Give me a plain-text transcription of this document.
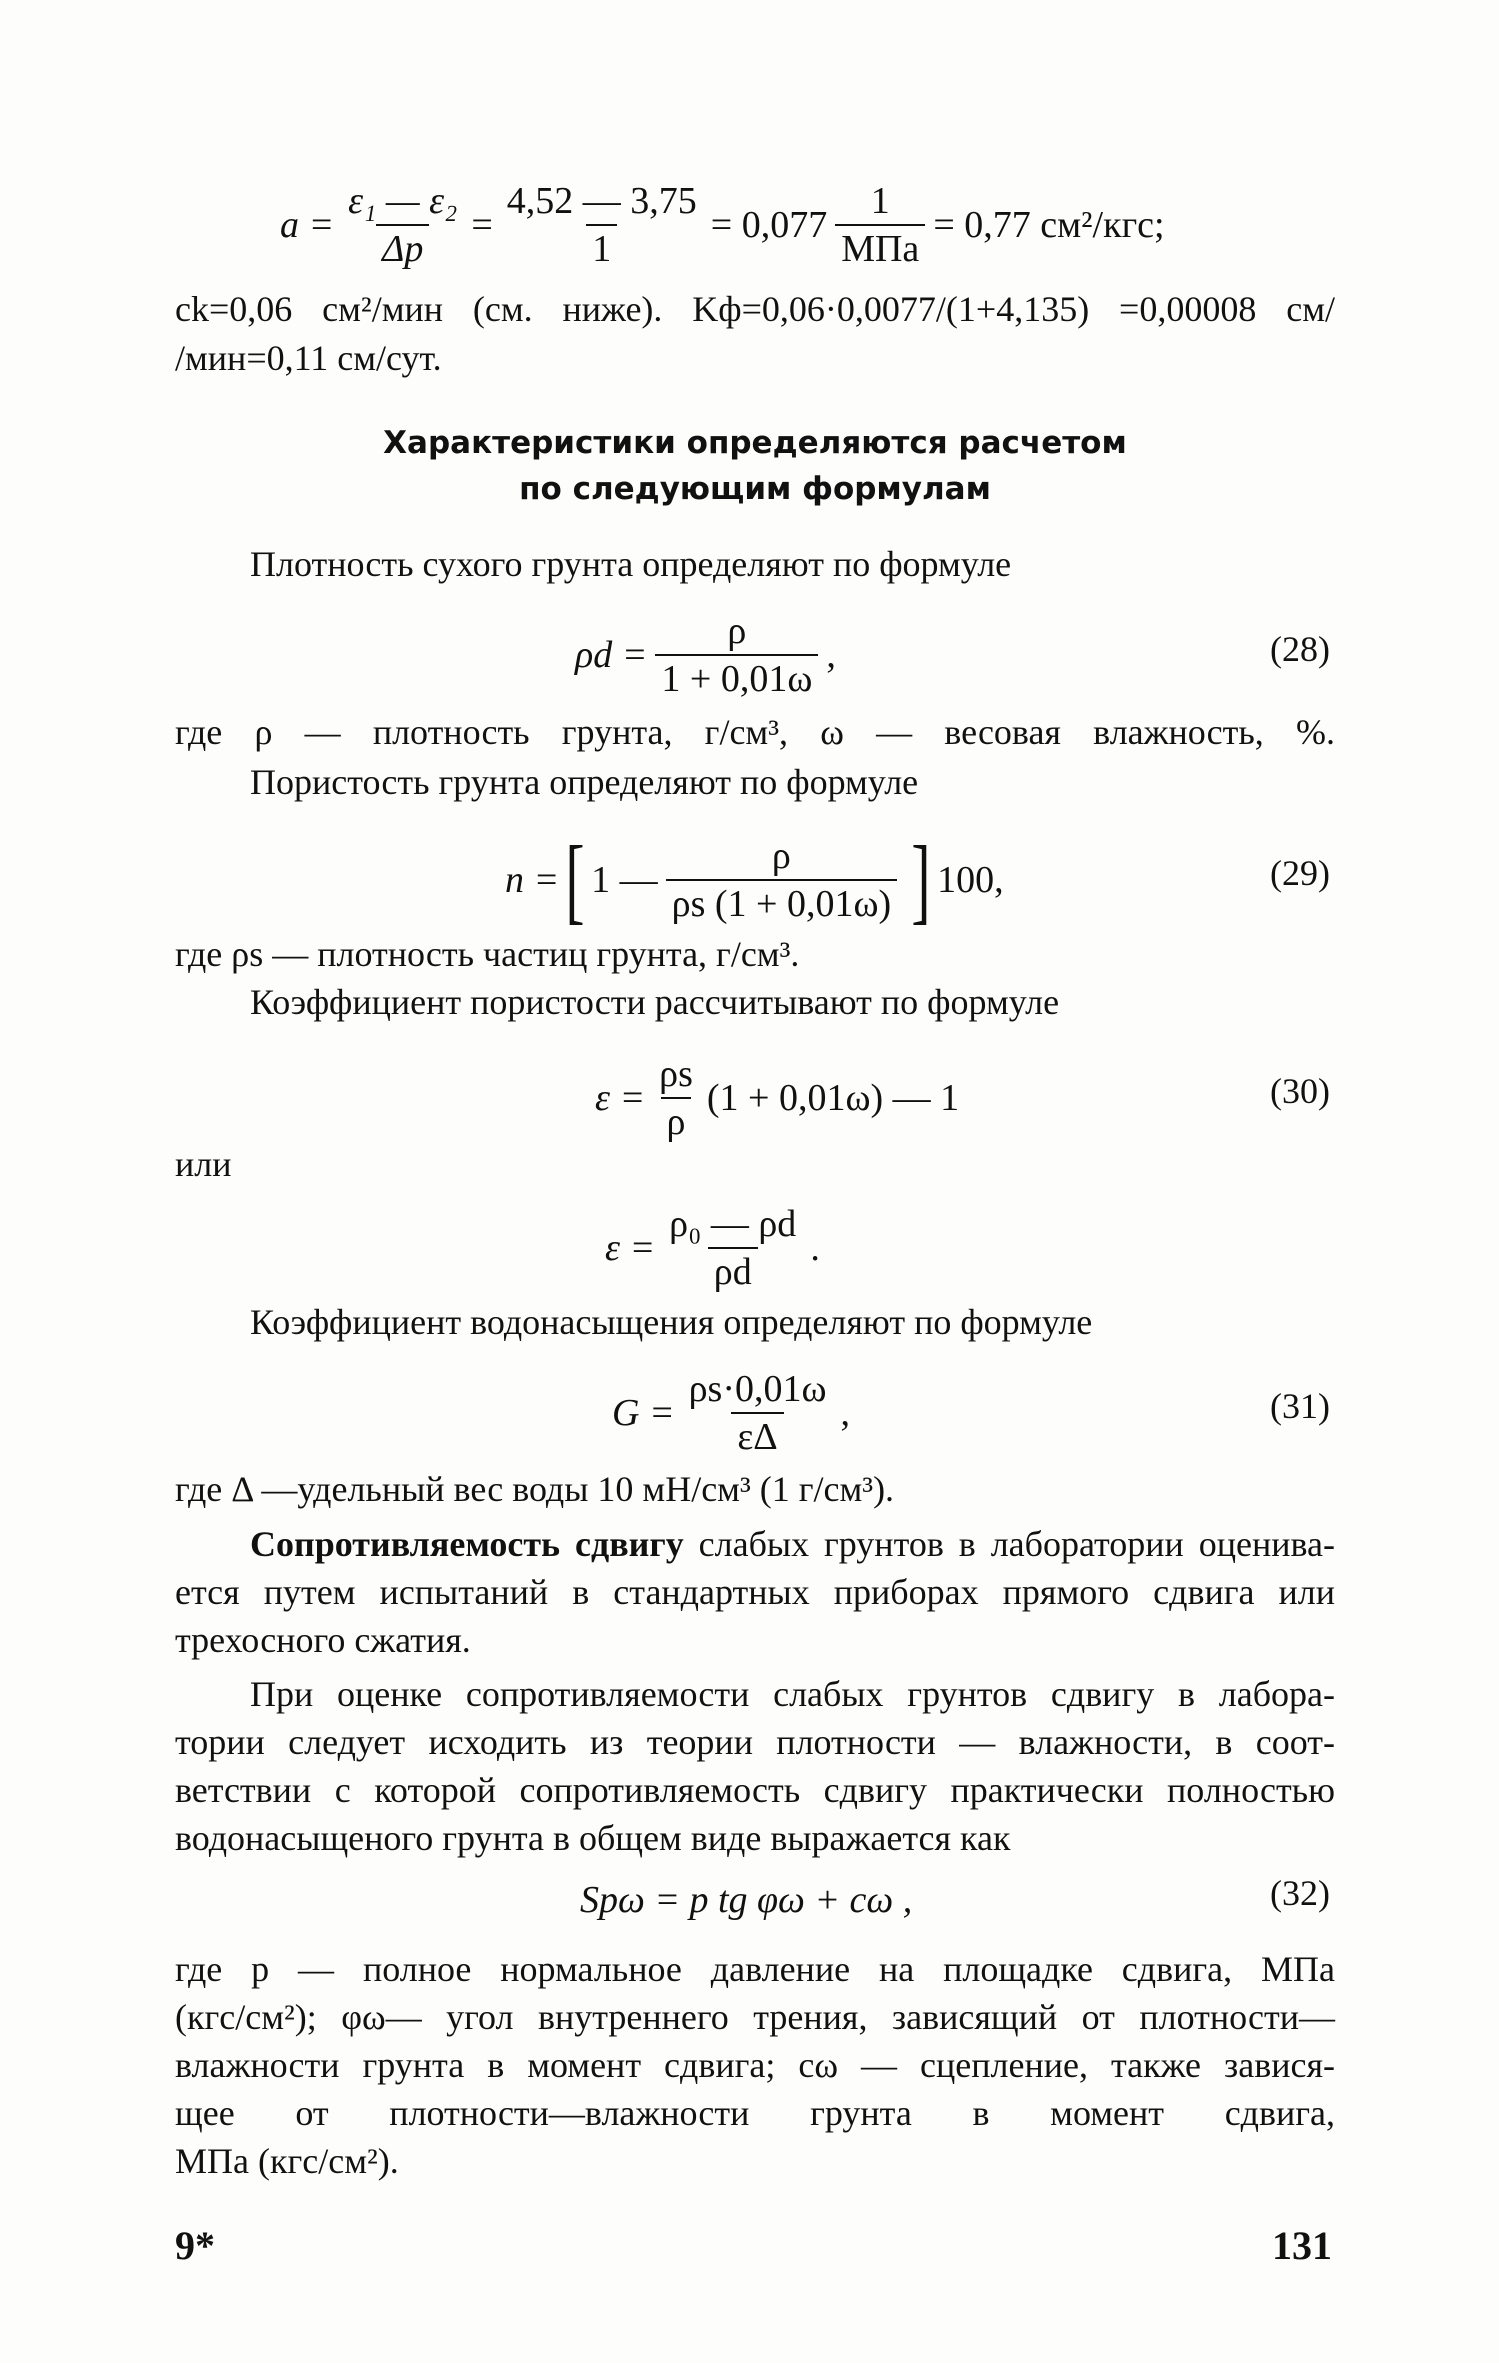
$a = \frac{\text{ε₁ — ε₂}}{\Delta p} = \frac{4,52 — 3,75}{1} = 0,077 \frac{1}{\text{МПа}} = 0,77$ см²/кгс;
ck=0,06 см²/мин (см. ниже). Kф=0,06·0,0077/(1+4,135) =0,00008 см/
/мин=0,11 см/сут.
Характеристики определяются расчетом
по следующим формулам
Плотность сухого грунта определяют по формуле
$\rho d = \frac{\rho}{1 + 0,01\omega}$ ,	(28)
где ρ — плотность грунта, г/см³, ω — весовая влажность, %.
Пористость грунта определяют по формуле
n = [ 1 — $\frac{\rho}{\rho s (1 + 0,01\omega)}$ ] 100,	(29)
где ρs — плотность частиц грунта, г/см³.
Коэффициент пористости рассчитывают по формуле
$\varepsilon = \frac{\rho s}{\rho} (1 + 0,01\omega)$ — 1	(30)
или
$\varepsilon = \frac{\text{ρ₀ — ρd}}{\rho d}$ .
Коэффициент водонасыщения определяют по формуле
$G = \frac{\rho s\cdot 0,01\omega}{\varepsilon\Delta}$ ,	(31)
где Δ —удельный вес воды 10 мН/см³ (1 г/см³).
Сопротивляемость сдвигу слабых грунтов в лаборатории оценива-
ется путем испытаний в стандартных приборах прямого сдвига или
трехосного сжатия.
При оценке сопротивляемости слабых грунтов сдвигу в лабора-
тории следует исходить из теории плотности — влажности, в соот-
ветствии с которой сопротивляемость сдвигу практически полностью
водонасыщеного грунта в общем виде выражается как
Spω = p tg φω + cω ,	(32)
где p — полное нормальное давление на площадке сдвига, МПа
(кгс/см²); φω— угол внутреннего трения, зависящий от плотности—
влажности грунта в момент сдвига; cω — сцепление, также завися-
щее от плотности—влажности грунта в момент сдвига,
МПа (кгс/см²).
9*	131
